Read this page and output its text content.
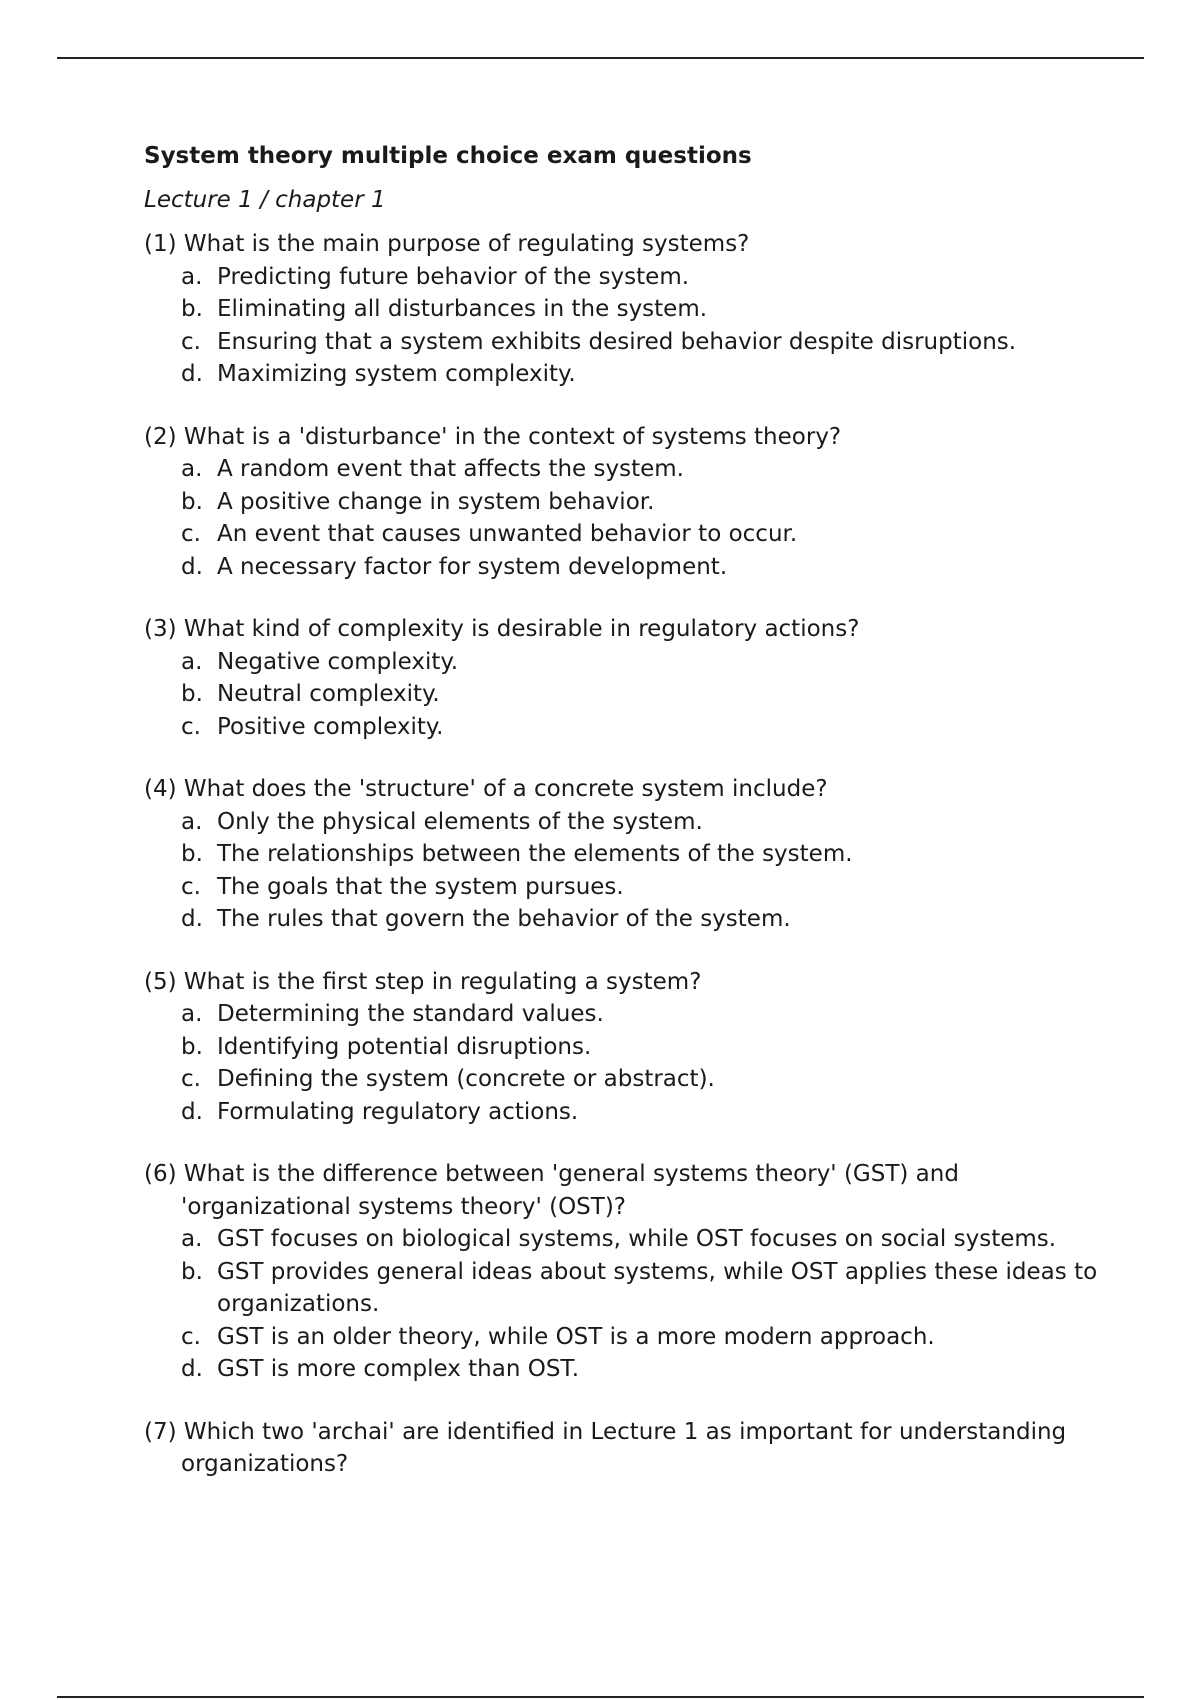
System theory multiple choice exam questions
Lecture 1 / chapter 1
(1) What is the main purpose of regulating systems?
a. Predicting future behavior of the system.
b. Eliminating all disturbances in the system.
c. Ensuring that a system exhibits desired behavior despite disruptions.
d. Maximizing system complexity.
(2) What is a 'disturbance' in the context of systems theory?
a. A random event that affects the system.
b. A positive change in system behavior.
c. An event that causes unwanted behavior to occur.
d. A necessary factor for system development.
(3) What kind of complexity is desirable in regulatory actions?
a. Negative complexity.
b. Neutral complexity.
c. Positive complexity.
(4) What does the 'structure' of a concrete system include?
a. Only the physical elements of the system.
b. The relationships between the elements of the system.
c. The goals that the system pursues.
d. The rules that govern the behavior of the system.
(5) What is the first step in regulating a system?
a. Determining the standard values.
b. Identifying potential disruptions.
c. Defining the system (concrete or abstract).
d. Formulating regulatory actions.
(6) What is the difference between 'general systems theory' (GST) and 'organizational systems theory' (OST)?
a. GST focuses on biological systems, while OST focuses on social systems.
b. GST provides general ideas about systems, while OST applies these ideas to organizations.
c. GST is an older theory, while OST is a more modern approach.
d. GST is more complex than OST.
(7) Which two 'archai' are identified in Lecture 1 as important for understanding organizations?
